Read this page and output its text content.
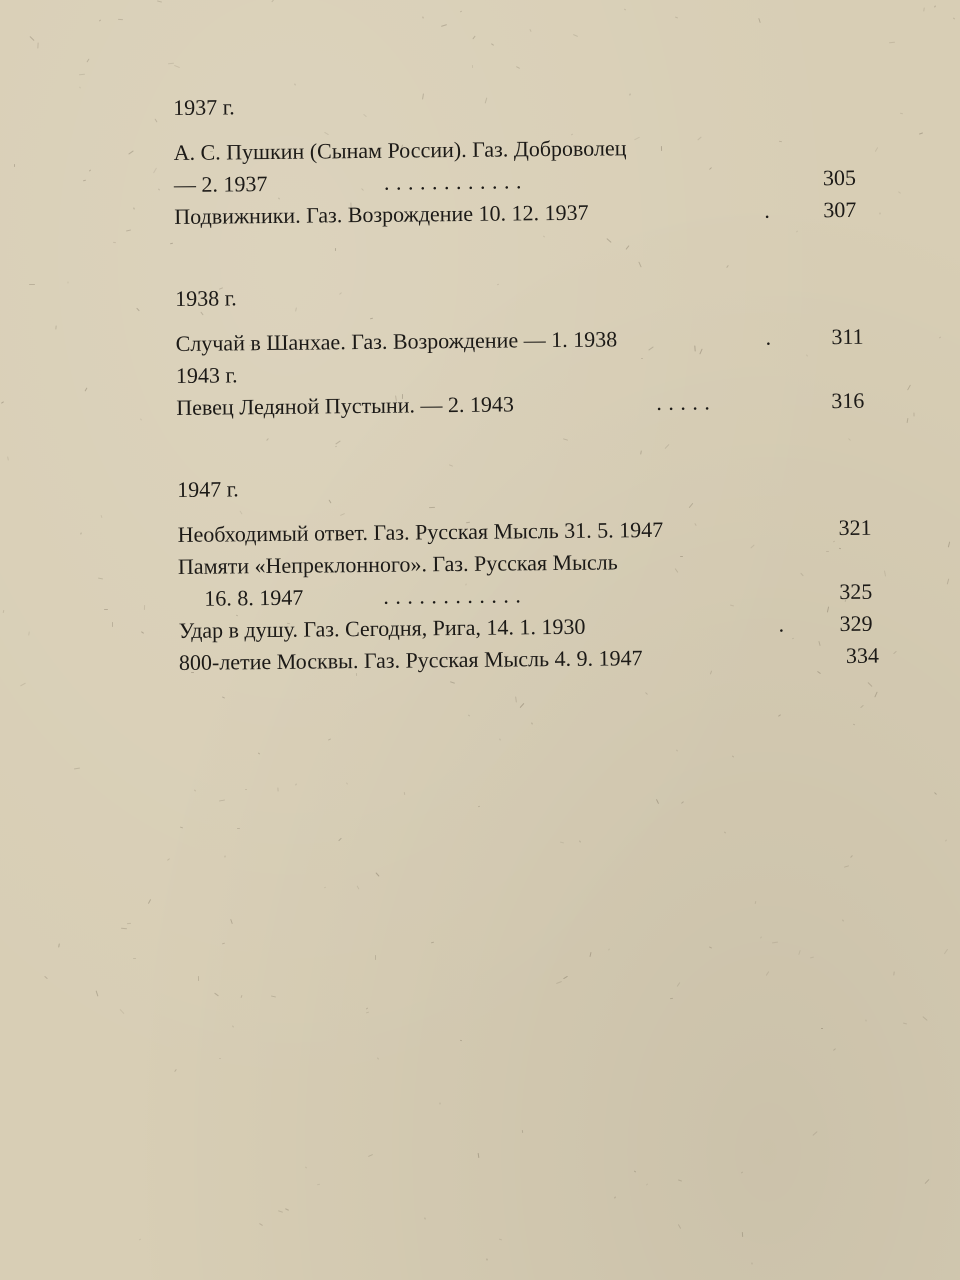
1937 г.
А. С. Пушкин (Сынам России). Газ. Доброволец
— 2. 1937	. . . . . . . . . . . .	305
Подвижники. Газ. Возрождение 10. 12. 1937	. 307
1938 г.
Случай в Шанхае. Газ. Возрождение — 1. 1938	.	311
1943 г.
Певец Ледяной Пустыни. — 2. 1943	. . . . .	316
1947 г.
Необходимый ответ. Газ. Русская Мысль 31. 5. 1947	321
Памяти «Непреклонного». Газ. Русская Мысль
16. 8. 1947	. . . . . . . . . . . .	325
Удар в душу. Газ. Сегодня, Рига, 14. 1. 1930	.	329
800-летие Москвы. Газ. Русская Мысль 4. 9. 1947	334
